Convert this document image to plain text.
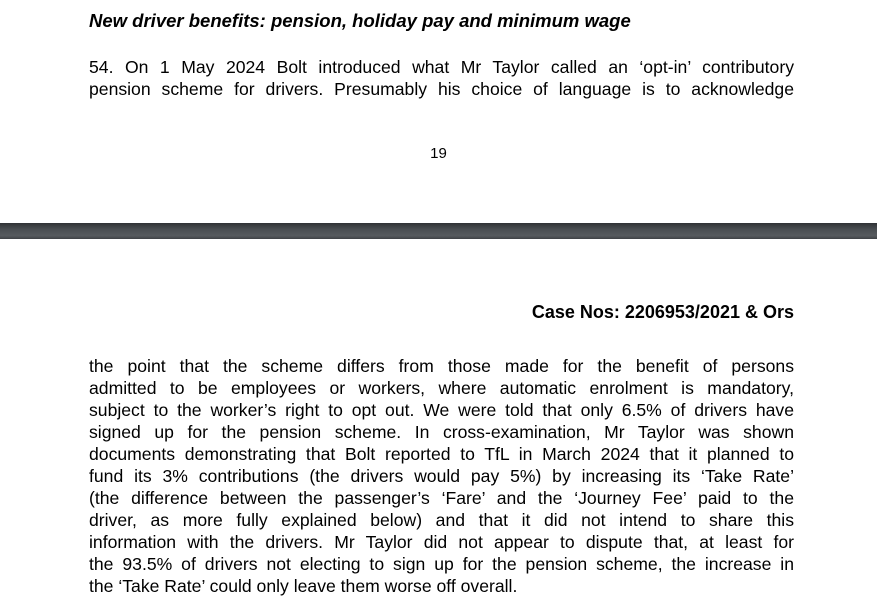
New driver benefits: pension, holiday pay and minimum wage
54. On 1 May 2024 Bolt introduced what Mr Taylor called an ‘opt-in’ contributory
pension scheme for drivers. Presumably his choice of language is to acknowledge
19
Case Nos: 2206953/2021 & Ors
the point that the scheme differs from those made for the benefit of persons
admitted to be employees or workers, where automatic enrolment is mandatory,
subject to the worker’s right to opt out. We were told that only 6.5% of drivers have
signed up for the pension scheme. In cross-examination, Mr Taylor was shown
documents demonstrating that Bolt reported to TfL in March 2024 that it planned to
fund its 3% contributions (the drivers would pay 5%) by increasing its ‘Take Rate’
(the difference between the passenger’s ‘Fare’ and the ‘Journey Fee’ paid to the
driver, as more fully explained below) and that it did not intend to share this
information with the drivers. Mr Taylor did not appear to dispute that, at least for
the 93.5% of drivers not electing to sign up for the pension scheme, the increase in
the ‘Take Rate’ could only leave them worse off overall.
